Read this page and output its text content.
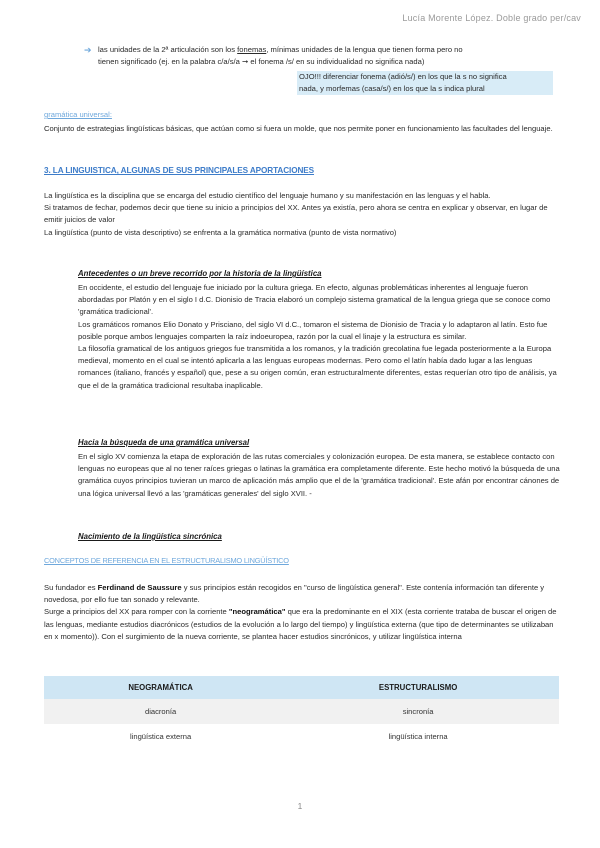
Lucía Morente López. Doble grado per/cav
➔ las unidades de la 2ª articulación son los fonemas, mínimas unidades de la lengua que tienen forma pero no
tienen significado (ej. en la palabra c/a/s/a ➞ el fonema /s/ en su individualidad no significa nada)
OJO!!! diferenciar fonema (adió/s/) en los que la s no significa
nada, y morfemas (casa/s/) en los que la s indica plural
gramática universal:
Conjunto de estrategias lingüísticas básicas, que actúan como si fuera un molde, que nos permite poner en funcionamiento las facultades del lenguaje.
3. LA LINGUISTICA, ALGUNAS DE SUS PRINCIPALES APORTACIONES

La lingüística es la disciplina que se encarga del estudio científico del lenguaje humano y su manifestación en las lenguas y el habla.

Si tratamos de fechar, podemos decir que tiene su inicio a principios del XX. Antes ya existía, pero ahora se centra en explicar y observar, en lugar de emitir juicios de valor

La lingüística (punto de vista descriptivo) se enfrenta a la gramática normativa (punto de vista normativo)

Antecedentes o un breve recorrido por la historia de la lingüística

En occidente, el estudio del lenguaje fue iniciado por la cultura griega. En efecto, algunas problemáticas inherentes al lenguaje fueron abordadas por Platón y en el siglo I d.C. Dionisio de Tracia elaboró un complejo sistema gramatical de la lengua griega que se conoce como 'gramática tradicional'.

Los gramáticos romanos Elio Donato y Prisciano, del siglo VI d.C., tomaron el sistema de Dionisio de Tracia y lo adaptaron al latín. Esto fue posible porque ambos lenguajes comparten la raíz indoeuropea, razón por la cual el linaje y la estructura es similar.

La filosofía gramatical de los antiguos griegos fue transmitida a los romanos, y la tradición grecolatina fue legada posteriormente a la Europa medieval, momento en el cual se intentó aplicarla a las lenguas europeas modernas. Pero como el latín había dado lugar a las lenguas romances (italiano, francés y español) que, pese a su origen común, eran estructuralmente diferentes, estas requerían otro tipo de análisis, ya que el de la gramática tradicional resultaba inaplicable.

Hacia la búsqueda de una gramática universal

En el siglo XV comienza la etapa de exploración de las rutas comerciales y colonización europea. De esta manera, se establece contacto con lenguas no europeas que al no tener raíces griegas o latinas la gramática era completamente diferente. Este hecho motivó la búsqueda de una gramática cuyos principios tuvieran un marco de aplicación más amplio que el de la 'gramática tradicional'. Este afán por encontrar cánones de una lógica universal llevó a las 'gramáticas generales' del siglo XVII. -

Nacimiento de la lingüística sincrónica
CONCEPTOS DE REFERENCIA EN EL ESTRUCTURALISMO LINGÜÍSTICO

Su fundador es Ferdinand de Saussure y sus principios están recogidos en "curso de lingüística general". Este contenía información tan diferente y novedosa, por ello fue tan sonado y relevante.

Surge a principios del XX para romper con la corriente "neogramática" que era la predominante en el XIX (esta corriente trataba de buscar el origen de las lenguas, mediante estudios diacrónicos (estudios de la evolución a lo largo del tiempo) y lingüística externa (que tipo de determinantes se utilizaban en x momento)). Con el surgimiento de la nueva corriente, se plantea hacer estudios sincrónicos, y utilizar lingüística interna

NEOGRAMÁTICA	ESTRUCTURALISMO
diacronía	sincronía
lingüística externa	lingüística interna
1
